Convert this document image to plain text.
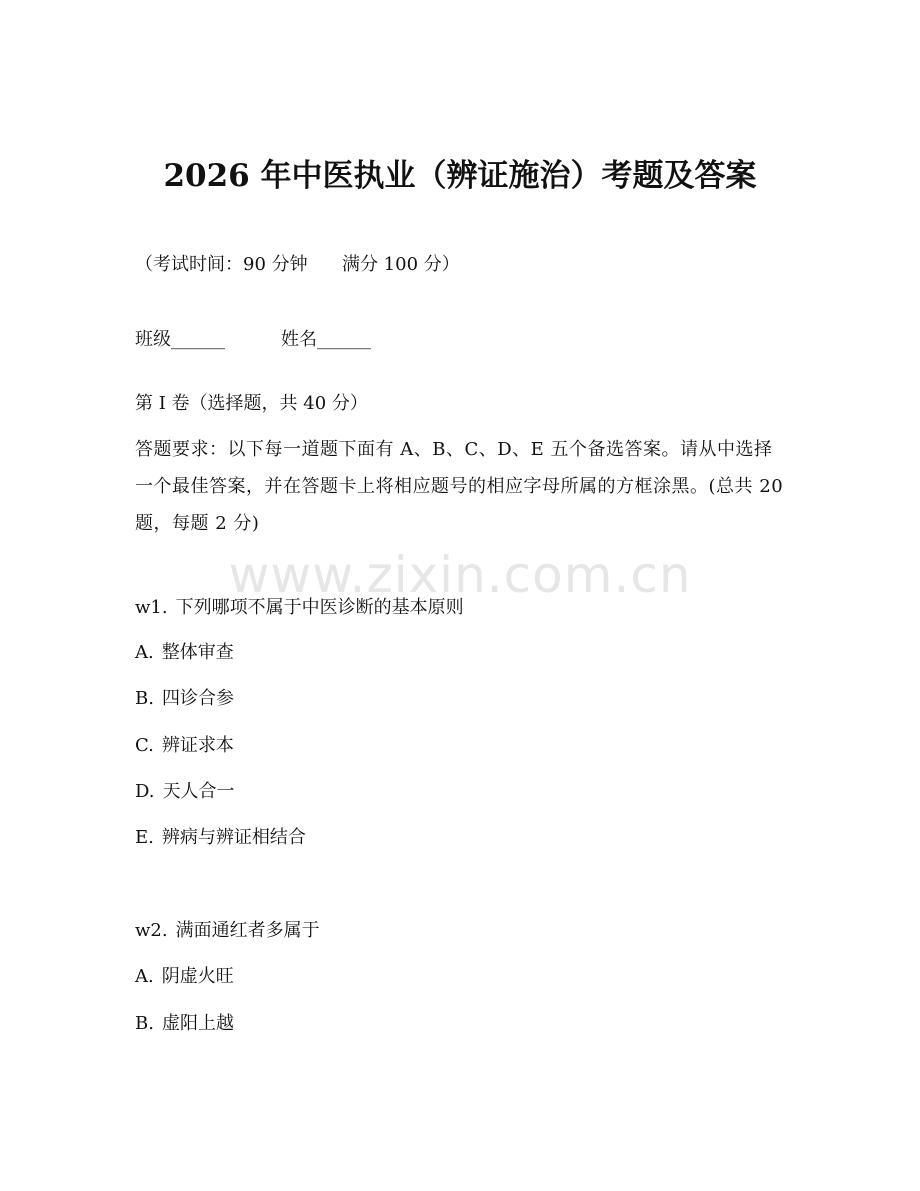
www.zixin.com.cn
2026 年中医执业（辨证施治）考题及答案

（考试时间：90 分钟      满分 100 分）

班级______	姓名______

第 I 卷（选择题，共 40 分）

答题要求：以下每一道题下面有 A、B、C、D、E 五个备选答案。请从中选择一个最佳答案，并在答题卡上将相应题号的相应字母所属的方框涂黑。(总共 20 题，每题 2 分)

w1. 下列哪项不属于中医诊断的基本原则

A. 整体审查

B. 四诊合参

C. 辨证求本

D. 天人合一

E. 辨病与辨证相结合

w2. 满面通红者多属于

A. 阴虚火旺

B. 虚阳上越
